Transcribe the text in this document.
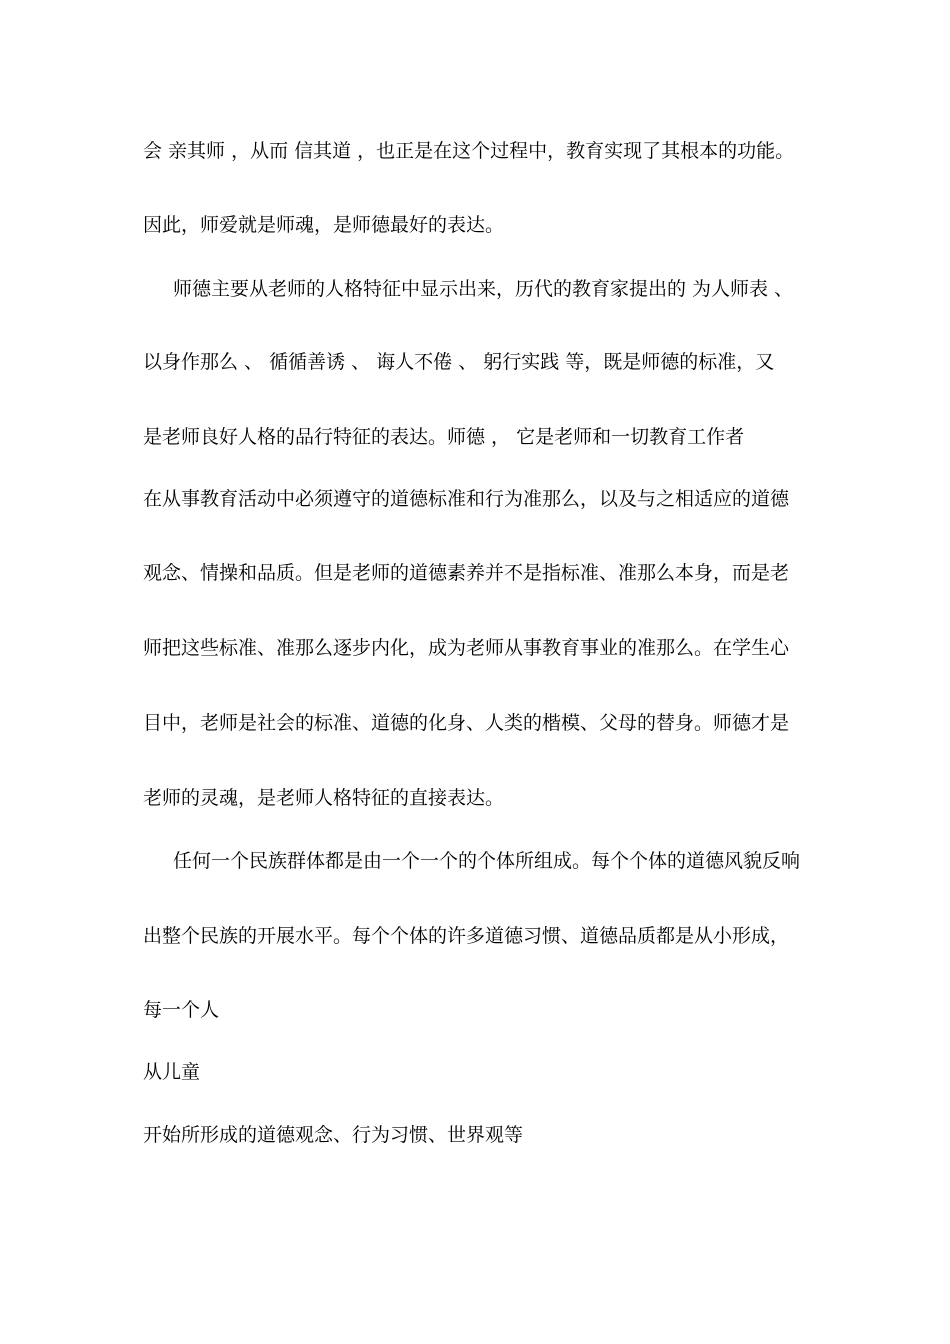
会 亲其师 ，从而 信其道 ，也正是在这个过程中，教育实现了其根本的功能。
因此，师爱就是师魂，是师德最好的表达。
师德主要从老师的人格特征中显示出来，历代的教育家提出的 为人师表 、
以身作那么 、 循循善诱 、 诲人不倦 、 躬行实践 等，既是师德的标准，又
是老师良好人格的品行特征的表达。师德 ， 它是老师和一切教育工作者
在从事教育活动中必须遵守的道德标准和行为准那么，以及与之相适应的道德
观念、情操和品质。但是老师的道德素养并不是指标准、准那么本身，而是老
师把这些标准、准那么逐步内化，成为老师从事教育事业的准那么。在学生心
目中，老师是社会的标准、道德的化身、人类的楷模、父母的替身。师德才是
老师的灵魂，是老师人格特征的直接表达。
任何一个民族群体都是由一个一个的个体所组成。每个个体的道德风貌反响
出整个民族的开展水平。每个个体的许多道德习惯、道德品质都是从小形成，
每一个人
从儿童
开始所形成的道德观念、行为习惯、世界观等
